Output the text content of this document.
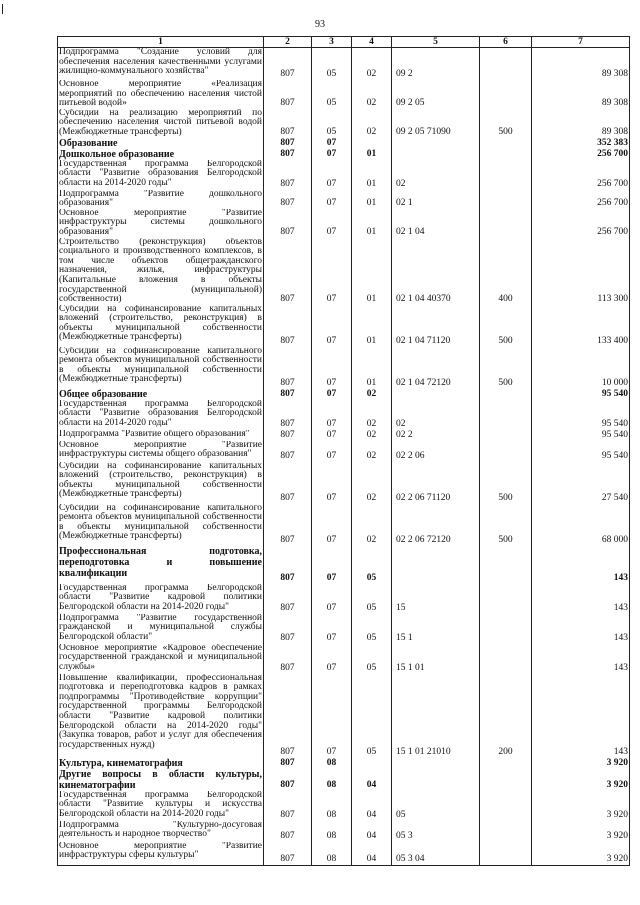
93
1	2	3	4	5	6	7
Подпрограмма "Создание условий для обеспечения населения качественными услугами жилищно-коммунального хозяйства"	807	05	02	09 2		89 308
Основное мероприятие «Реализация мероприятий по обеспечению населения чистой питьевой водой»	807	05	02	09 2 05		89 308
Субсидии на реализацию мероприятий по обеспечению населения чистой питьевой водой (Межбюджетные трансферты)	807	05	02	09 2 05 71090	500	89 308
Образование	807	07				352 383
Дошкольное образование	807	07	01			256 700
Государственная программа Белгородской области "Развитие образования Белгородской области на 2014-2020 годы"	807	07	01	02		256 700
Подпрограмма "Развитие дошкольного образования"	807	07	01	02 1		256 700
Основное мероприятие "Развитие инфраструктуры системы дошкольного образования"	807	07	01	02 1 04		256 700
Строительство (реконструкция) объектов социального и производственного комплексов, в том числе объектов общегражданского назначения, жилья, инфраструктуры (Капитальные вложения в объекты государственной (муниципальной) собственности)	807	07	01	02 1 04 40370	400	113 300
Субсидии на софинансирование капитальных вложений (строительство, реконструкция) в объекты муниципальной собственности (Межбюджетные трансферты)	807	07	01	02 1 04 71120	500	133 400
Субсидии на софинансирование капитального ремонта объектов муниципальной собственности в объекты муниципальной собственности (Межбюджетные трансферты)	807	07	01	02 1 04 72120	500	10 000
Общее образование	807	07	02			95 540
Государственная программа Белгородской области "Развитие образования Белгородской области на 2014-2020 годы"	807	07	02	02		95 540
Подпрограмма "Развитие общего образования"	807	07	02	02 2		95 540
Основное мероприятие "Развитие инфраструктуры системы общего образования"	807	07	02	02 2 06		95 540
Субсидии на софинансирование капитальных вложений (строительство, реконструкция) в объекты муниципальной собственности (Межбюджетные трансферты)	807	07	02	02 2 06 71120	500	27 540
Субсидии на софинансирование капитального ремонта объектов муниципальной собственности в объекты муниципальной собственности (Межбюджетные трансферты)	807	07	02	02 2 06 72120	500	68 000
Профессиональная подготовка, переподготовка и повышение квалификации	807	07	05			143
Государственная программа Белгородской области "Развитие кадровой политики Белгородской области на 2014-2020 годы"	807	07	05	15		143
Подпрограмма "Развитие государственной гражданской и муниципальной службы Белгородской области"	807	07	05	15 1		143
Основное мероприятие «Кадровое обеспечение государственной гражданской и муниципальной службы»	807	07	05	15 1 01		143
Повышение квалификации, профессиональная подготовка и переподготовка кадров в рамках подпрограммы "Противодействие коррупции" государственной программы Белгородской области "Развитие кадровой политики Белгородской области на 2014-2020 годы" (Закупка товаров, работ и услуг для обеспечения государственных нужд)	807	07	05	15 1 01 21010	200	143
Культура, кинематография	807	08				3 920
Другие вопросы в области культуры, кинематографии	807	08	04			3 920
Государственная программа Белгородской области "Развитие культуры и искусства Белгородской области на 2014-2020 годы"	807	08	04	05		3 920
Подпрограмма "Культурно-досуговая деятельность и народное творчество"	807	08	04	05 3		3 920
Основное мероприятие "Развитие инфраструктуры сферы культуры"	807	08	04	05 3 04		3 920
